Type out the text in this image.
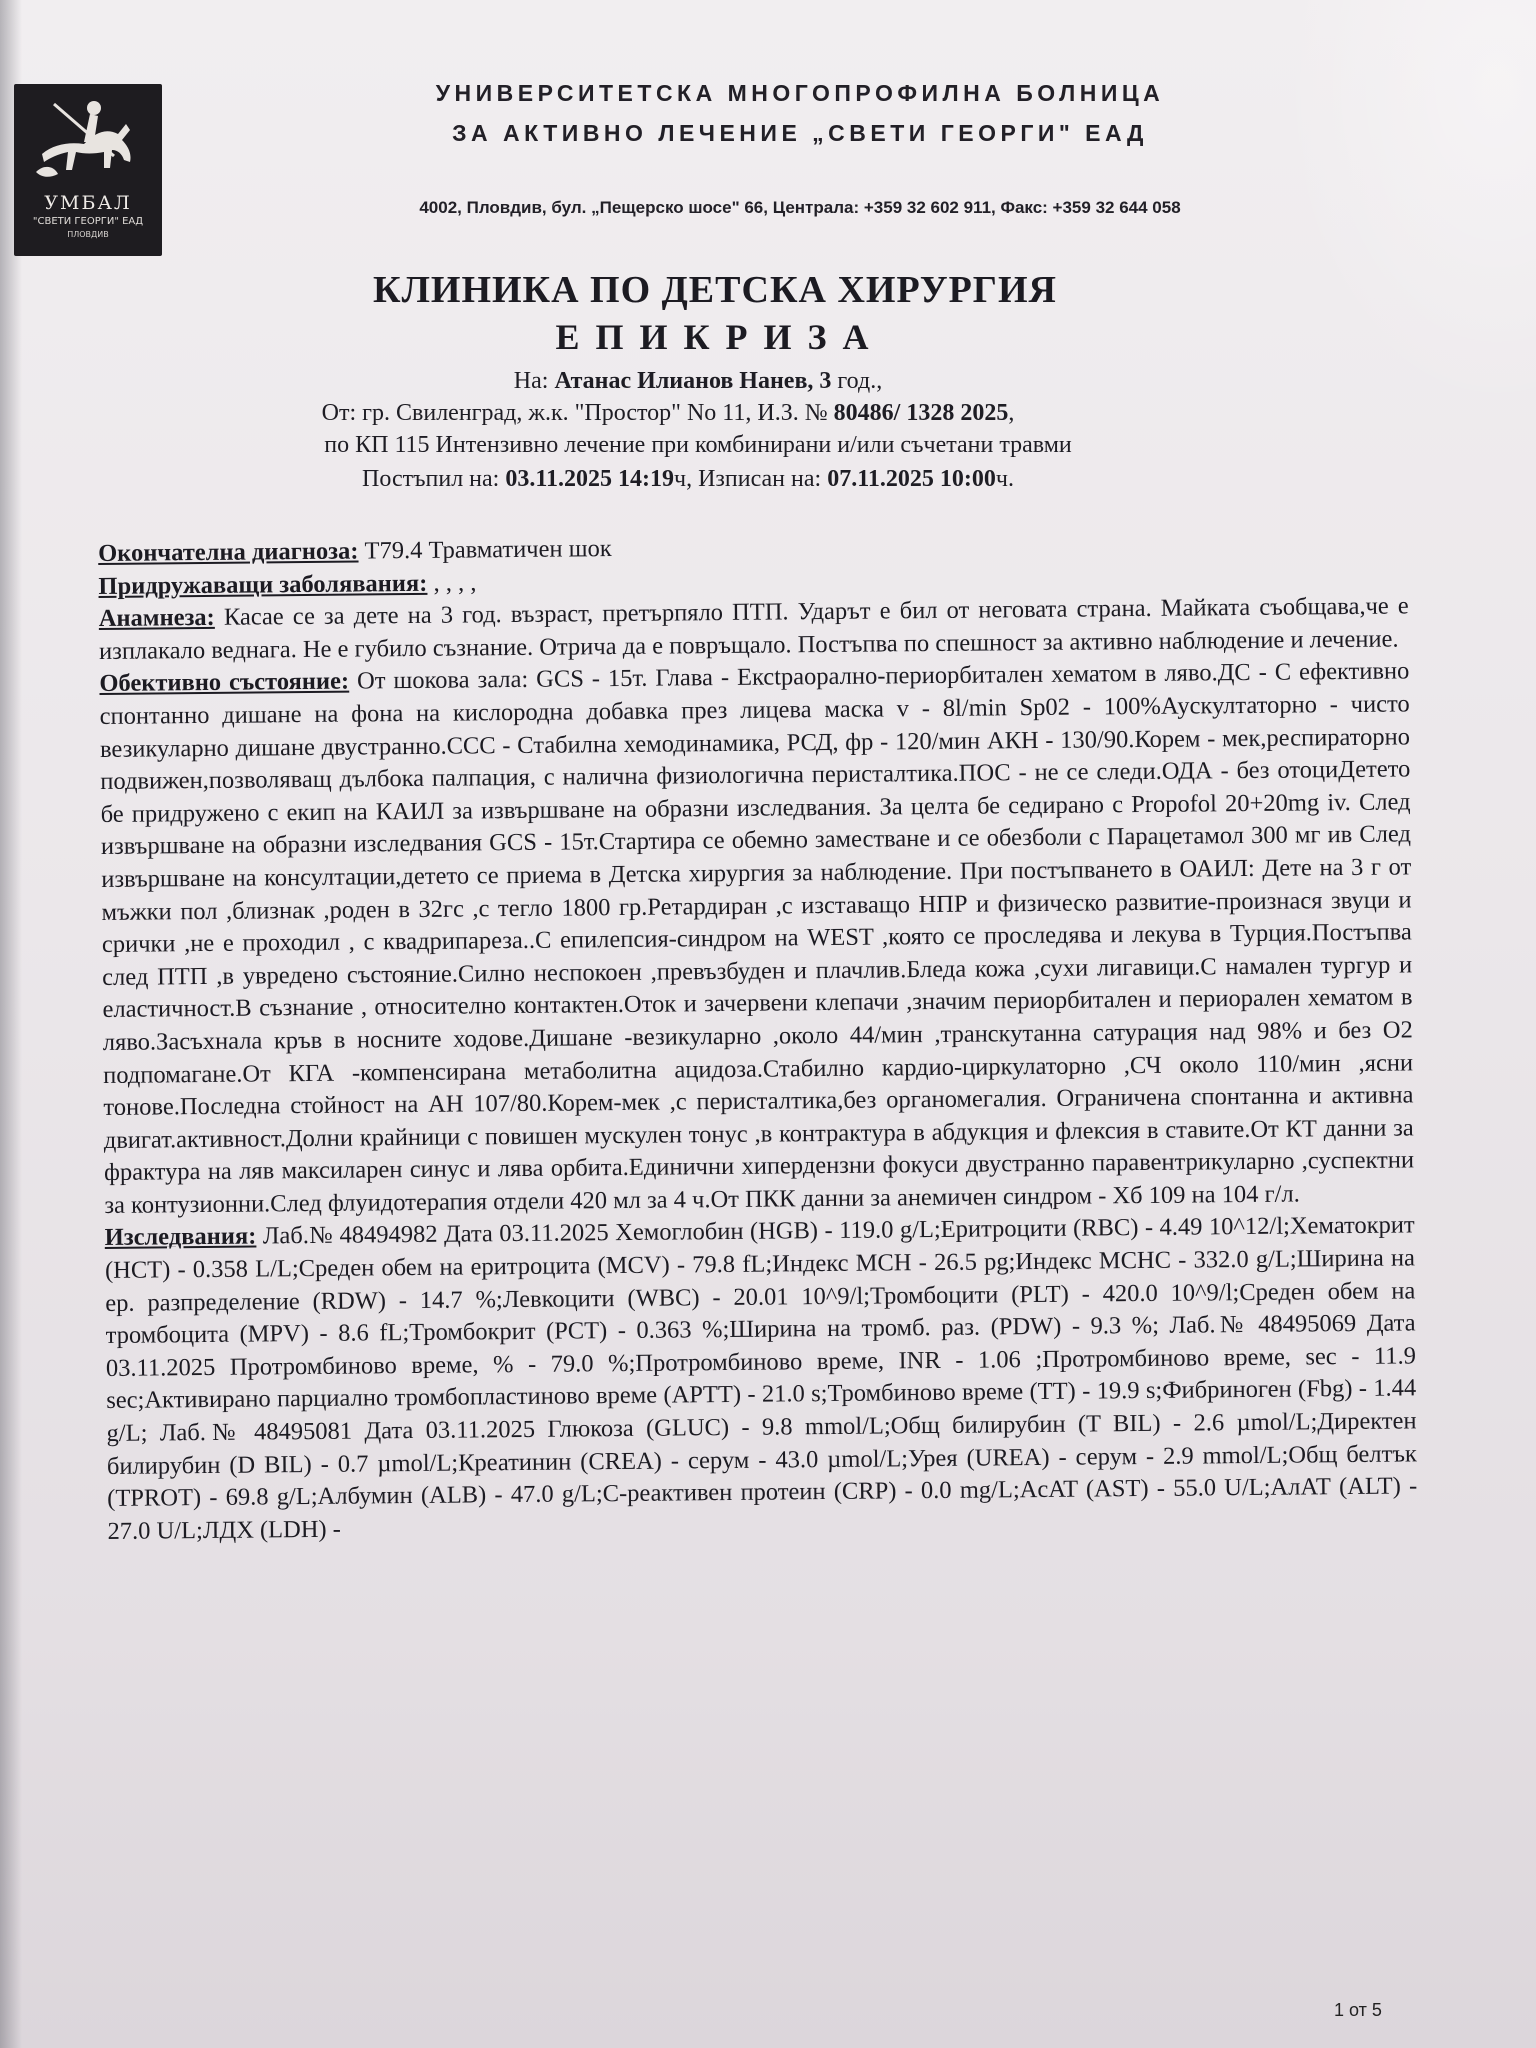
УМБАЛ
"СВЕТИ ГЕОРГИ" ЕАД
ПЛОВДИВ
УНИВЕРСИТЕТСКА МНОГОПРОФИЛНА БОЛНИЦА
ЗА АКТИВНО ЛЕЧЕНИЕ „СВЕТИ ГЕОРГИ" ЕАД
4002, Пловдив, бул. „Пещерско шосе" 66, Централа: +359 32 602 911, Факс: +359 32 644 058
КЛИНИКА ПО ДЕТСКА ХИРУРГИЯ
ЕПИКРИЗА
На: Атанас Илианов Нанев, 3 год.,
От: гр. Свиленград, ж.к. "Простор" No 11, И.З. № 80486/ 1328 2025,
по КП 115 Интензивно лечение при комбинирани и/или съчетани травми
Постъпил на: 03.11.2025 14:19ч, Изписан на: 07.11.2025 10:00ч.

Окончателна диагноза: T79.4 Травматичен шок

Придружаващи заболявания: , , , ,

Анамнеза: Касае се за дете на 3 год. възраст, претърпяло ПТП. Ударът е бил от неговата страна. Майката съобщава,че е изплакало веднага. Не е губило съзнание. Отрича да е повръщало. Постъпва по спешност за активно наблюдение и лечение.

Обективно състояние: От шокова зала: GCS - 15т. Глава - Ексtраорално-периорбитален хематом в ляво.ДС - С ефективно спонтанно дишане на фона на кислородна добавка през лицева маска v - 8l/min Sp02 - 100%Аускултаторно - чисто везикуларно дишане двустранно.ССС - Стабилна хемодинамика, РСД, фр - 120/мин АКН - 130/90.Корем - мек,респираторно подвижен,позволяващ дълбока палпация, с налична физиологична перисталтика.ПОС - не се следи.ОДА - без отоциДетето бе придружено с екип на КАИЛ за извършване на образни изследвания. За целта бе седирано с Propofol 20+20mg iv. След извършване на образни изследвания GCS - 15т.Стартира се обемно заместване и се обезболи с Парацетамол 300 мг ив След извършване на консултации,детето се приема в Детска хирургия за наблюдение. При постъпването в ОАИЛ: Дете на 3 г от мъжки пол ,близнак ,роден в 32гс ,с тегло 1800 гр.Ретардиран ,с изставащо НПР и физическо развитие-произнася звуци и срички ,не е проходил , с квадрипареза..С епилепсия-синдром на WEST ,която се проследява и лекува в Турция.Постъпва след ПТП ,в увредено състояние.Силно неспокоен ,превъзбуден и плачлив.Бледа кожа ,сухи лигавици.С намален тургур и еластичност.В съзнание , относително контактен.Оток и зачервени клепачи ,значим периорбитален и периорален хематом в ляво.Засъхнала кръв в носните ходове.Дишане -везикуларно ,около 44/мин ,транскутанна сатурация над 98% и без О2 подпомагане.От КГА -компенсирана метаболитна ацидоза.Стабилно кардио-циркулаторно ,СЧ около 110/мин ,ясни тонове.Последна стойност на АН 107/80.Корем-мек ,с перисталтика,без органомегалия. Ограничена спонтанна и активна двигат.активност.Долни крайници с повишен мускулен тонус ,в контрактура в абдукция и флексия в ставите.От КТ данни за фрактура на ляв максиларен синус и лява орбита.Единични хипердензни фокуси двустранно паравентрикуларно ,суспектни за контузионни.След флуидотерапия отдели 420 мл за 4 ч.От ПКК данни за анемичен синдром - Хб 109 на 104 г/л.

Изследвания: Лаб.№ 48494982 Дата 03.11.2025 Хемоглобин (HGB) - 119.0 g/L;Еритроцити (RBC) - 4.49 10^12/l;Хематокрит (HCT) - 0.358 L/L;Среден обем на еритроцита (MCV) - 79.8 fL;Индекс MCH - 26.5 pg;Индекс MCHC - 332.0 g/L;Ширина на ер. разпределение (RDW) - 14.7 %;Левкоцити (WBC) - 20.01 10^9/l;Тромбоцити (PLT) - 420.0 10^9/l;Среден обем на тромбоцита (MPV) - 8.6 fL;Тромбокрит (PCT) - 0.363 %;Ширина на тромб. раз. (PDW) - 9.3 %; Лаб.№ 48495069 Дата 03.11.2025 Протромбиново време, % - 79.0 %;Протромбиново време, INR - 1.06 ;Протромбиново време, sec - 11.9 sec;Активирано парциално тромбопластиново време (APTT) - 21.0 s;Тромбиново време (TT) - 19.9 s;Фибриноген (Fbg) - 1.44 g/L; Лаб.№ 48495081 Дата 03.11.2025 Глюкоза (GLUC) - 9.8 mmol/L;Общ билирубин (T BIL) - 2.6 µmol/L;Директен билирубин (D BIL) - 0.7 µmol/L;Креатинин (CREA) - серум - 43.0 µmol/L;Урея (UREA) - серум - 2.9 mmol/L;Общ белтък (TPROT) - 69.8 g/L;Албумин (ALB) - 47.0 g/L;C-реактивен протеин (CRP) - 0.0 mg/L;AcAT (AST) - 55.0 U/L;АлАТ (ALT) - 27.0 U/L;ЛДХ (LDH) -

1 от 5
